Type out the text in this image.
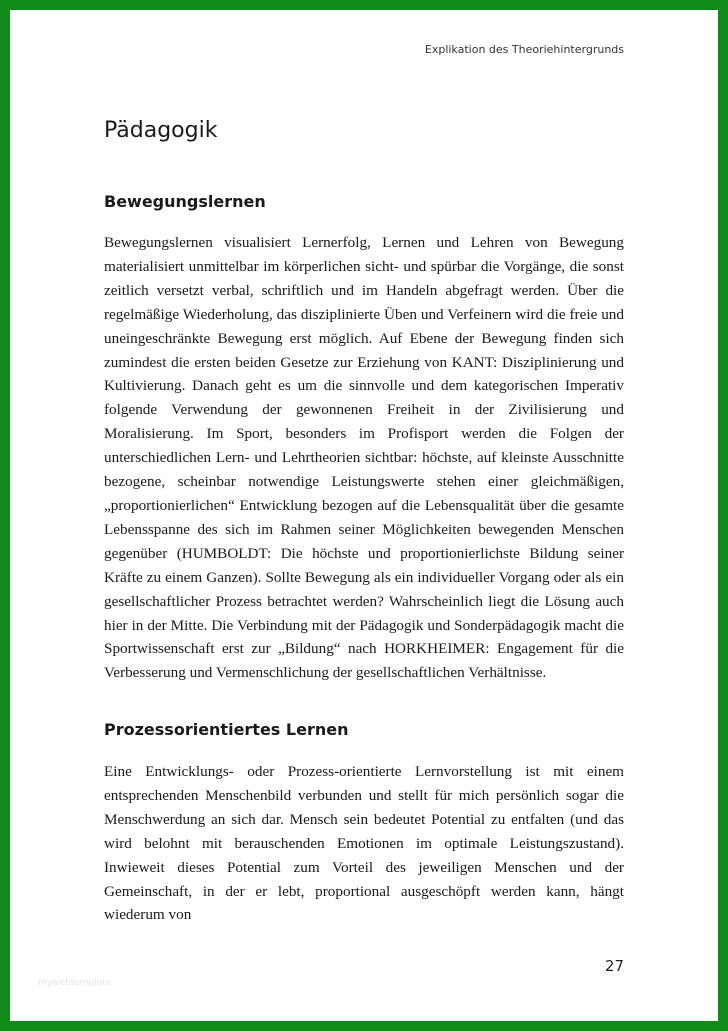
Explikation des Theoriehintergrunds
Pädagogik
Bewegungslernen

Bewegungslernen visualisiert Lernerfolg, Lernen und Lehren von Bewegung materialisiert unmittelbar im körperlichen sicht- und spürbar die Vorgänge, die sonst zeitlich versetzt verbal, schriftlich und im Handeln abgefragt werden. Über die regelmäßige Wiederholung, das disziplinierte Üben und Verfeinern wird die freie und uneingeschränkte Bewegung erst möglich. Auf Ebene der Bewegung finden sich zumindest die ersten beiden Gesetze zur Erziehung von KANT: Disziplinierung und Kultivierung. Danach geht es um die sinnvolle und dem kategorischen Imperativ folgende Verwendung der gewonnenen Freiheit in der Zivilisierung und Moralisierung. Im Sport, besonders im Profisport werden die Folgen der unterschiedlichen Lern- und Lehrtheorien sichtbar: höchste, auf kleinste Ausschnitte bezogene, scheinbar notwendige Leistungswerte stehen einer gleichmäßigen, „proportionierlichen“ Entwicklung bezogen auf die Lebensqualität über die gesamte Lebensspanne des sich im Rahmen seiner Möglichkeiten bewegenden Menschen gegenüber (HUMBOLDT: Die höchste und proportionierlichste Bildung seiner Kräfte zu einem Ganzen). Sollte Bewegung als ein individueller Vorgang oder als ein gesellschaftlicher Prozess betrachtet werden? Wahrscheinlich liegt die Lösung auch hier in der Mitte. Die Verbindung mit der Pädagogik und Sonderpädagogik macht die Sportwissenschaft erst zur „Bildung“ nach HORKHEIMER: Engagement für die Verbesserung und Vermenschlichung der gesellschaftlichen Verhältnisse.

Prozessorientiertes Lernen

Eine Entwicklungs- oder Prozess-orientierte Lernvorstellung ist mit einem entsprechenden Menschenbild verbunden und stellt für mich persönlich sogar die Menschwerdung an sich dar. Mensch sein bedeutet Potential zu entfalten (und das wird belohnt mit berauschenden Emotionen im optimale Leistungszustand). Inwieweit dieses Potential zum Vorteil des jeweiligen Menschen und der Gemeinschaft, in der er lebt, proportional ausgeschöpft werden kann, hängt wiederum von

27
mywebtemplate
